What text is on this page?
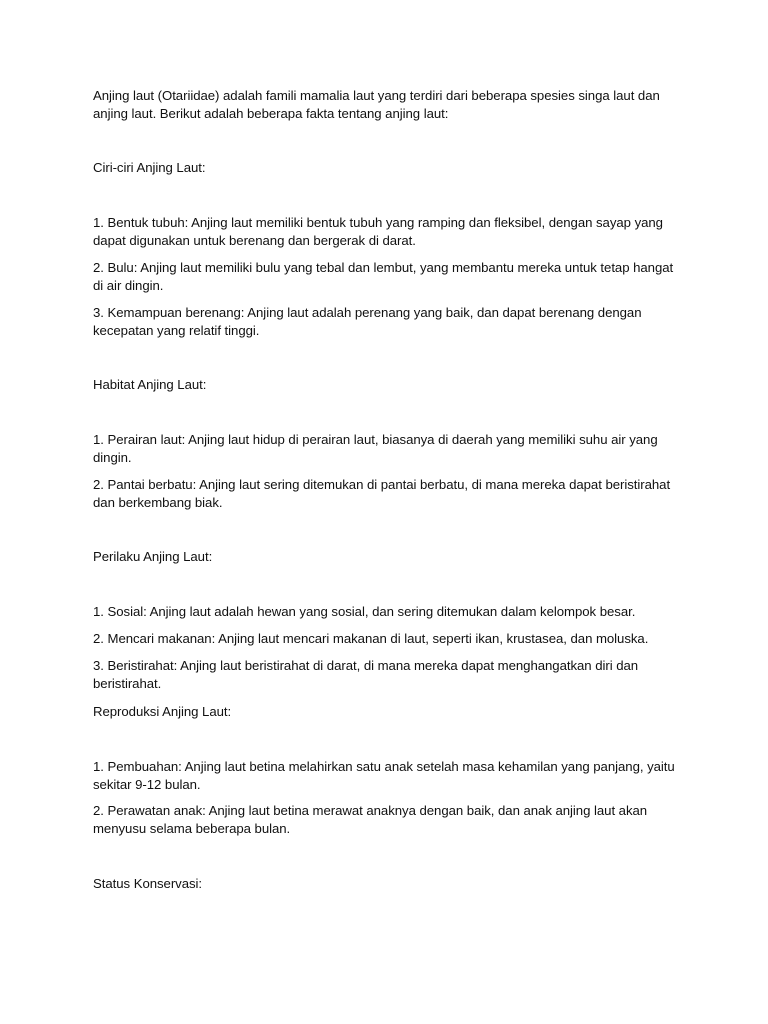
Anjing laut (Otariidae) adalah famili mamalia laut yang terdiri dari beberapa spesies singa laut dan anjing laut. Berikut adalah beberapa fakta tentang anjing laut:

Ciri-ciri Anjing Laut:

1. Bentuk tubuh: Anjing laut memiliki bentuk tubuh yang ramping dan fleksibel, dengan sayap yang dapat digunakan untuk berenang dan bergerak di darat.

2. Bulu: Anjing laut memiliki bulu yang tebal dan lembut, yang membantu mereka untuk tetap hangat di air dingin.

3. Kemampuan berenang: Anjing laut adalah perenang yang baik, dan dapat berenang dengan kecepatan yang relatif tinggi.

Habitat Anjing Laut:

1. Perairan laut: Anjing laut hidup di perairan laut, biasanya di daerah yang memiliki suhu air yang dingin.

2. Pantai berbatu: Anjing laut sering ditemukan di pantai berbatu, di mana mereka dapat beristirahat dan berkembang biak.

Perilaku Anjing Laut:

1. Sosial: Anjing laut adalah hewan yang sosial, dan sering ditemukan dalam kelompok besar.

2. Mencari makanan: Anjing laut mencari makanan di laut, seperti ikan, krustasea, dan moluska.

3. Beristirahat: Anjing laut beristirahat di darat, di mana mereka dapat menghangatkan diri dan beristirahat.

Reproduksi Anjing Laut:

1. Pembuahan: Anjing laut betina melahirkan satu anak setelah masa kehamilan yang panjang, yaitu sekitar 9-12 bulan.

2. Perawatan anak: Anjing laut betina merawat anaknya dengan baik, dan anak anjing laut akan menyusu selama beberapa bulan.

Status Konservasi:
